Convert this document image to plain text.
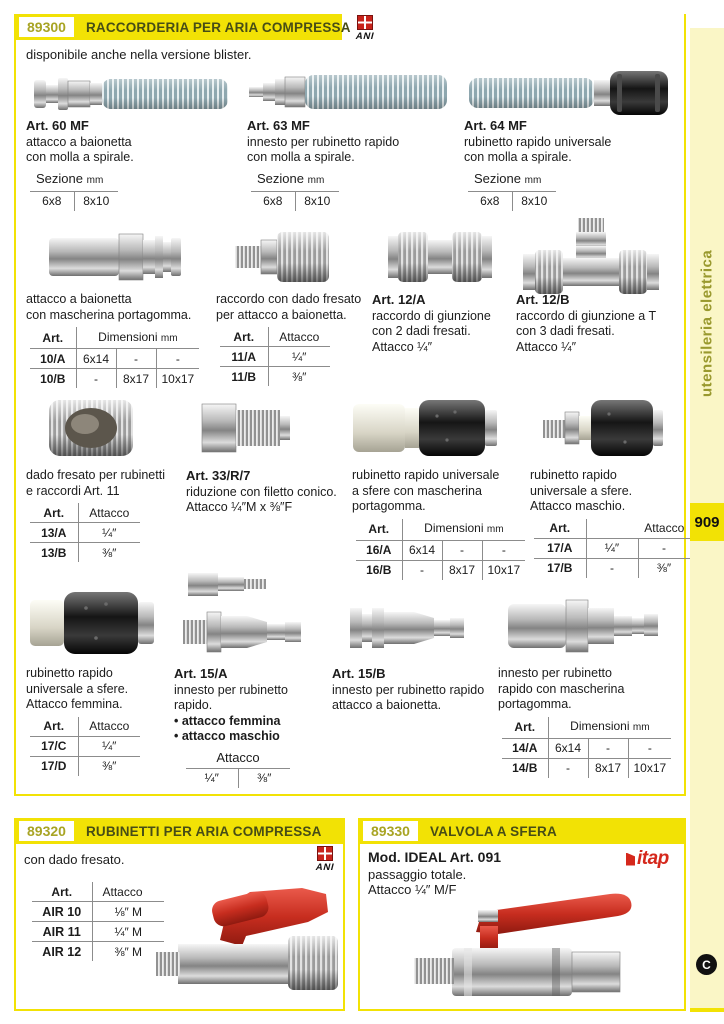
89300	RACCORDERIA PER ARIA COMPRESSA
ANI
disponibile anche nella versione blister.
Art. 60 MF
attacco a baionetta
con molla a spirale.
Sezione mm
6x8	8x10
Art. 63 MF
innesto per rubinetto rapido
con molla a spirale.
Sezione mm
6x8	8x10
Art. 64 MF
rubinetto rapido universale
con molla a spirale.
Sezione mm
6x8	8x10
attacco a baionetta
con mascherina portagomma.
Art.	Dimensioni mm		
10/A	6x14	-	-
10/B	-	8x17	10x17
raccordo con dado fresato
per attacco a baionetta.
Art.	Attacco
11/A	¼″
11/B	⅜″
Art. 12/A
raccordo di giunzione
con 2 dadi fresati.
Attacco ¼″
Art. 12/B
raccordo di giunzione a T
con 3 dadi fresati.
Attacco ¼″
dado fresato per rubinetti
e raccordi Art. 11
Art.	Attacco
13/A	¼″
13/B	⅜″
Art. 33/R/7
riduzione con filetto conico.
Attacco ¼″M x ⅜″F
rubinetto rapido universale
a sfere con mascherina
portagomma.
Art.	Dimensioni mm		
16/A	6x14	-	-
16/B	-	8x17	10x17
rubinetto rapido
universale a sfere.
Attacco maschio.
Art.	Attacco		
17/A	¼″	-	
17/B	-	⅜″	
rubinetto rapido
universale a sfere.
Attacco femmina.
Art.	Attacco
17/C	¼″
17/D	⅜″
Art. 15/A
innesto per rubinetto
rapido.
• attacco femmina
• attacco maschio
Attacco
¼″	⅜″
Art. 15/B
innesto per rubinetto rapido
attacco a baionetta.
innesto per rubinetto
rapido con mascherina
portagomma.
Art.	Dimensioni mm		
14/A	6x14	-	-
14/B	-	8x17	10x17
89320	RUBINETTI PER ARIA COMPRESSA
con dado fresato.
ANI
Art.	Attacco
AIR 10	⅛″ M
AIR 11	¼″ M
AIR 12	⅜″ M
89330	VALVOLA A SFERA
Mod. IDEAL Art. 091
passaggio totale.
Attacco ¼″ M/F
itap
utensileria elettrica
909
C
